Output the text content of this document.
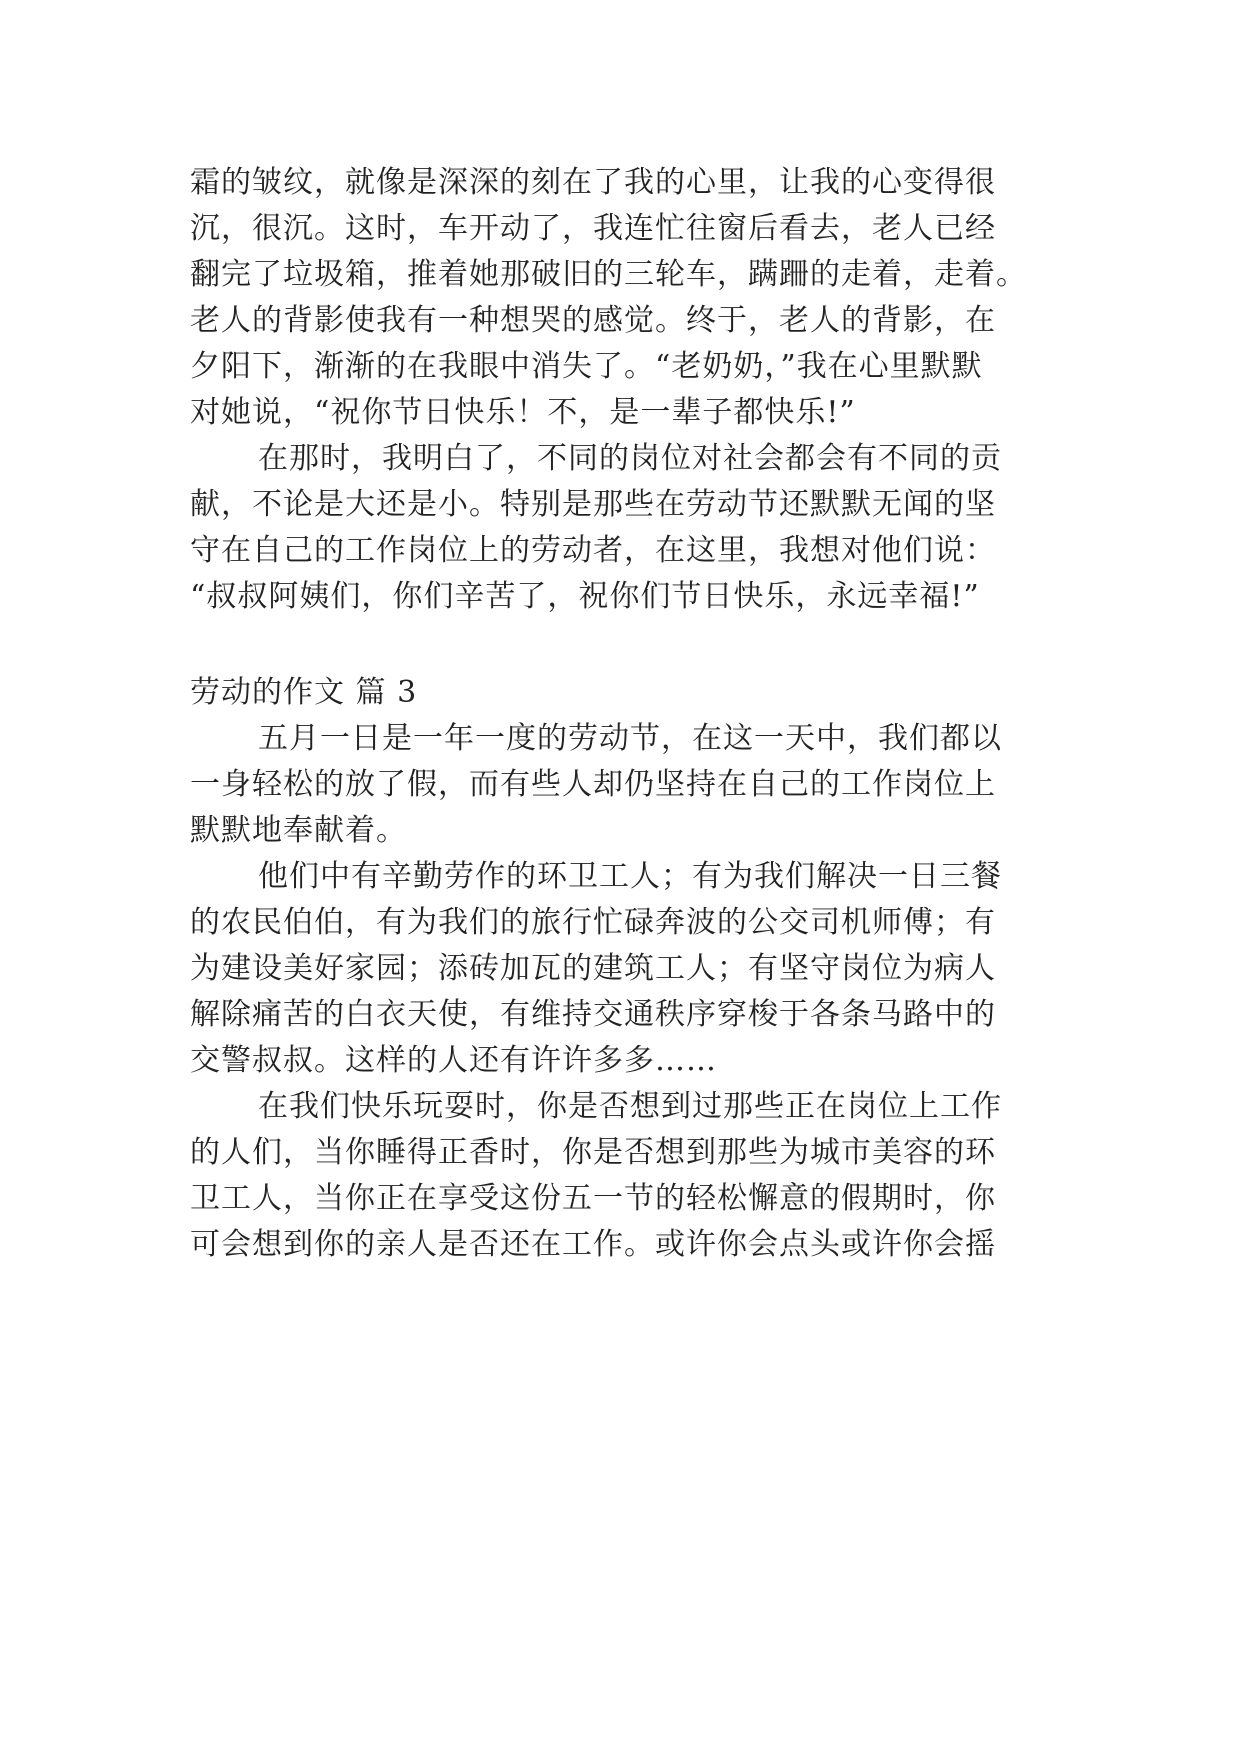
霜的皱纹，就像是深深的刻在了我的心里，让我的心变得很
沉，很沉。这时，车开动了，我连忙往窗后看去，老人已经
翻完了垃圾箱，推着她那破旧的三轮车，蹒跚的走着，走着。
老人的背影使我有一种想哭的感觉。终于，老人的背影，在
夕阳下，渐渐的在我眼中消失了。“老奶奶，”我在心里默默
对她说，“祝你节日快乐！不，是一辈子都快乐!”
在那时，我明白了，不同的岗位对社会都会有不同的贡
献，不论是大还是小。特别是那些在劳动节还默默无闻的坚
守在自己的工作岗位上的劳动者，在这里，我想对他们说：
“叔叔阿姨们，你们辛苦了，祝你们节日快乐，永远幸福!”
劳动的作文 篇 3
五月一日是一年一度的劳动节，在这一天中，我们都以
一身轻松的放了假，而有些人却仍坚持在自己的工作岗位上
默默地奉献着。
他们中有辛勤劳作的环卫工人；有为我们解决一日三餐
的农民伯伯，有为我们的旅行忙碌奔波的公交司机师傅；有
为建设美好家园；添砖加瓦的建筑工人；有坚守岗位为病人
解除痛苦的白衣天使，有维持交通秩序穿梭于各条马路中的
交警叔叔。这样的人还有许许多多……
在我们快乐玩耍时，你是否想到过那些正在岗位上工作
的人们，当你睡得正香时，你是否想到那些为城市美容的环
卫工人，当你正在享受这份五一节的轻松懈意的假期时，你
可会想到你的亲人是否还在工作。或许你会点头或许你会摇
